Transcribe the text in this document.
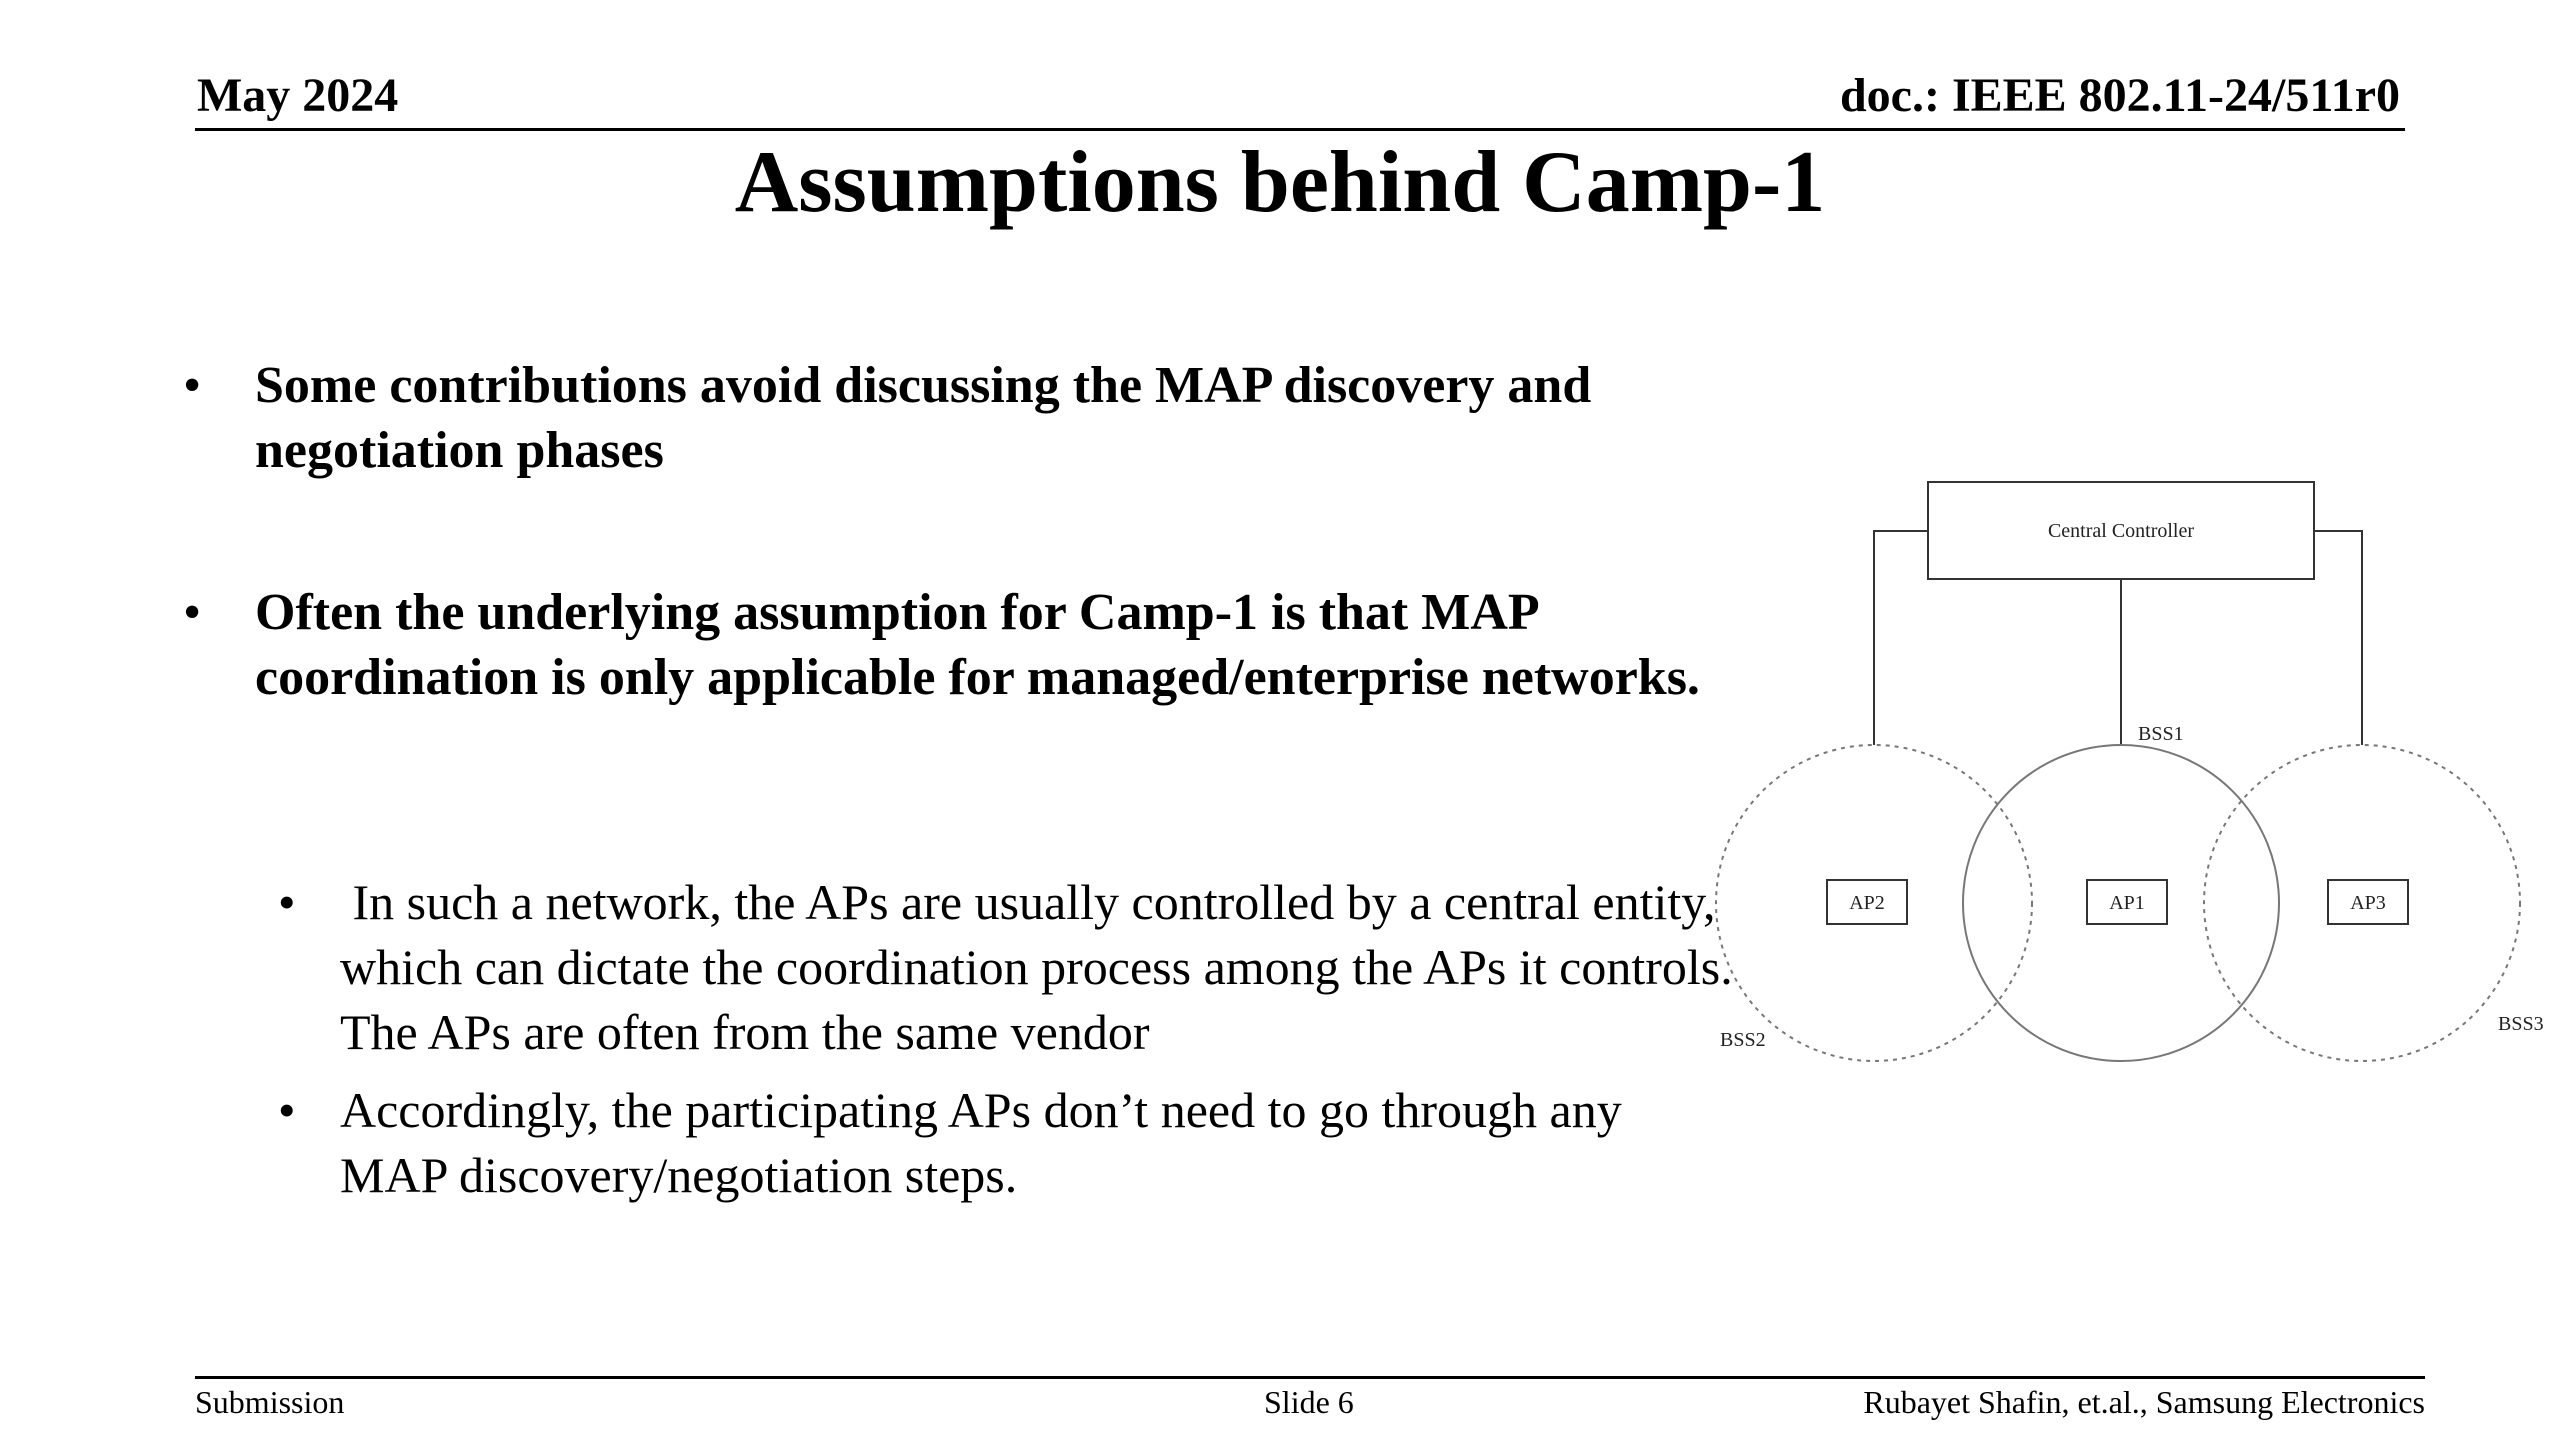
May 2024	doc.: IEEE 802.11-24/511r0
Assumptions behind Camp-1
• Some contributions avoid discussing the MAP discovery and negotiation phases
• Often the underlying assumption for Camp-1 is that MAP coordination is only applicable for managed/enterprise networks.
• In such a network, the APs are usually controlled by a central entity, which can dictate the coordination process among the APs it controls. The APs are often from the same vendor
• Accordingly, the participating APs don’t need to go through any MAP discovery/negotiation steps.
Central Controller
AP2	AP1	AP3
BSS1
BSS2
BSS3
Submission	Slide 6	Rubayet Shafin, et.al., Samsung Electronics
